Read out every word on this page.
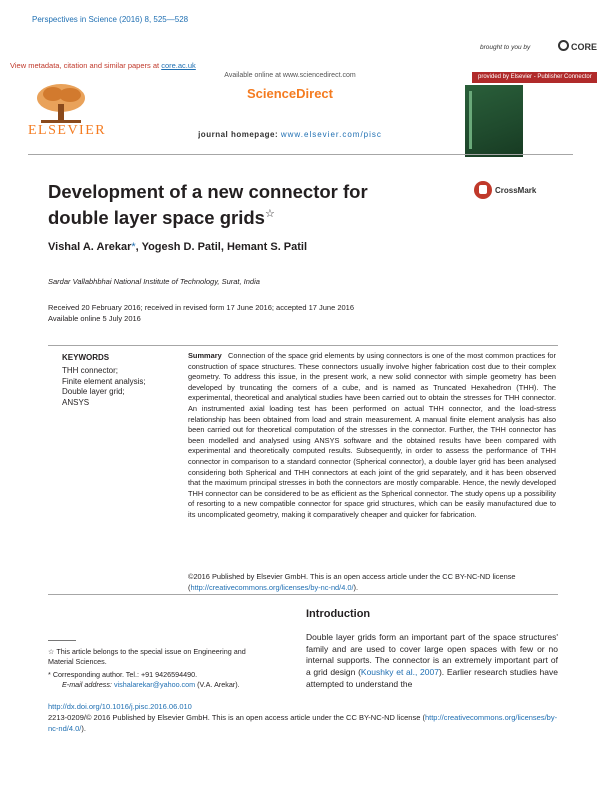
Perspectives in Science (2016) 8, 525—528
brought to you by	CORE
View metadata, citation and similar papers at core.ac.uk
provided by Elsevier - Publisher Connector
ELSEVIER
Available online at www.sciencedirect.com
ScienceDirect
journal homepage: www.elsevier.com/pisc
Development of a new connector for double layer space grids☆
CrossMark
Vishal A. Arekar*, Yogesh D. Patil, Hemant S. Patil
Sardar Vallabhbhai National Institute of Technology, Surat, India
Received 20 February 2016; received in revised form 17 June 2016; accepted 17 June 2016
Available online 5 July 2016
KEYWORDS
THH connector;
Finite element analysis;
Double layer grid;
ANSYS
Summary Connection of the space grid elements by using connectors is one of the most common practices for construction of space structures. These connectors usually involve higher fabrication cost due to their complex geometry. To address this issue, in the present work, a new solid connector with simple geometry has been developed by truncating the corners of a cube, and is named as Truncated Hexahedron (THH). The experimental, theoretical and analytical studies have been carried out to obtain the stresses for THH connector. An instrumented axial loading test has been performed on actual THH connector, and the load-stress relationship has been obtained from load and strain measurement. A manual finite element analysis has also been carried out for theoretical computation of the stresses in the connector. Further, the THH connector has been modelled and analysed using ANSYS software and the obtained results have been compared with experimental and theoretically computed results. Subsequently, in order to assess the performance of THH connector in comparison to a standard connector (Spherical connector), a double layer grid has been analysed considering both Spherical and THH connectors at each joint of the grid separately, and it has been observed that the maximum principal stresses in both the connectors are mostly comparable. Hence, the newly developed THH connector can be considered to be as efficient as the Spherical connector. The study opens up a possibility of resorting to a new compatible connector for space grid structures, which can be easily manufactured due to its uncomplicated geometry, making it comparatively cheaper and quicker for fabrication.
©2016 Published by Elsevier GmbH. This is an open access article under the CC BY-NC-ND license (http://creativecommons.org/licenses/by-nc-nd/4.0/).
Introduction
Double layer grids form an important part of the space structures' family and are used to cover large open spaces with few or no internal supports. The connector is an extremely important part of a grid design (Koushky et al., 2007). Earlier research studies have attempted to understand the
☆ This article belongs to the special issue on Engineering and Material Sciences.
* Corresponding author. Tel.: +91 9426594490.
E-mail address: vishalarekar@yahoo.com (V.A. Arekar).
http://dx.doi.org/10.1016/j.pisc.2016.06.010
2213-0209/© 2016 Published by Elsevier GmbH. This is an open access article under the CC BY-NC-ND license (http://creativecommons.org/licenses/by-nc-nd/4.0/).
